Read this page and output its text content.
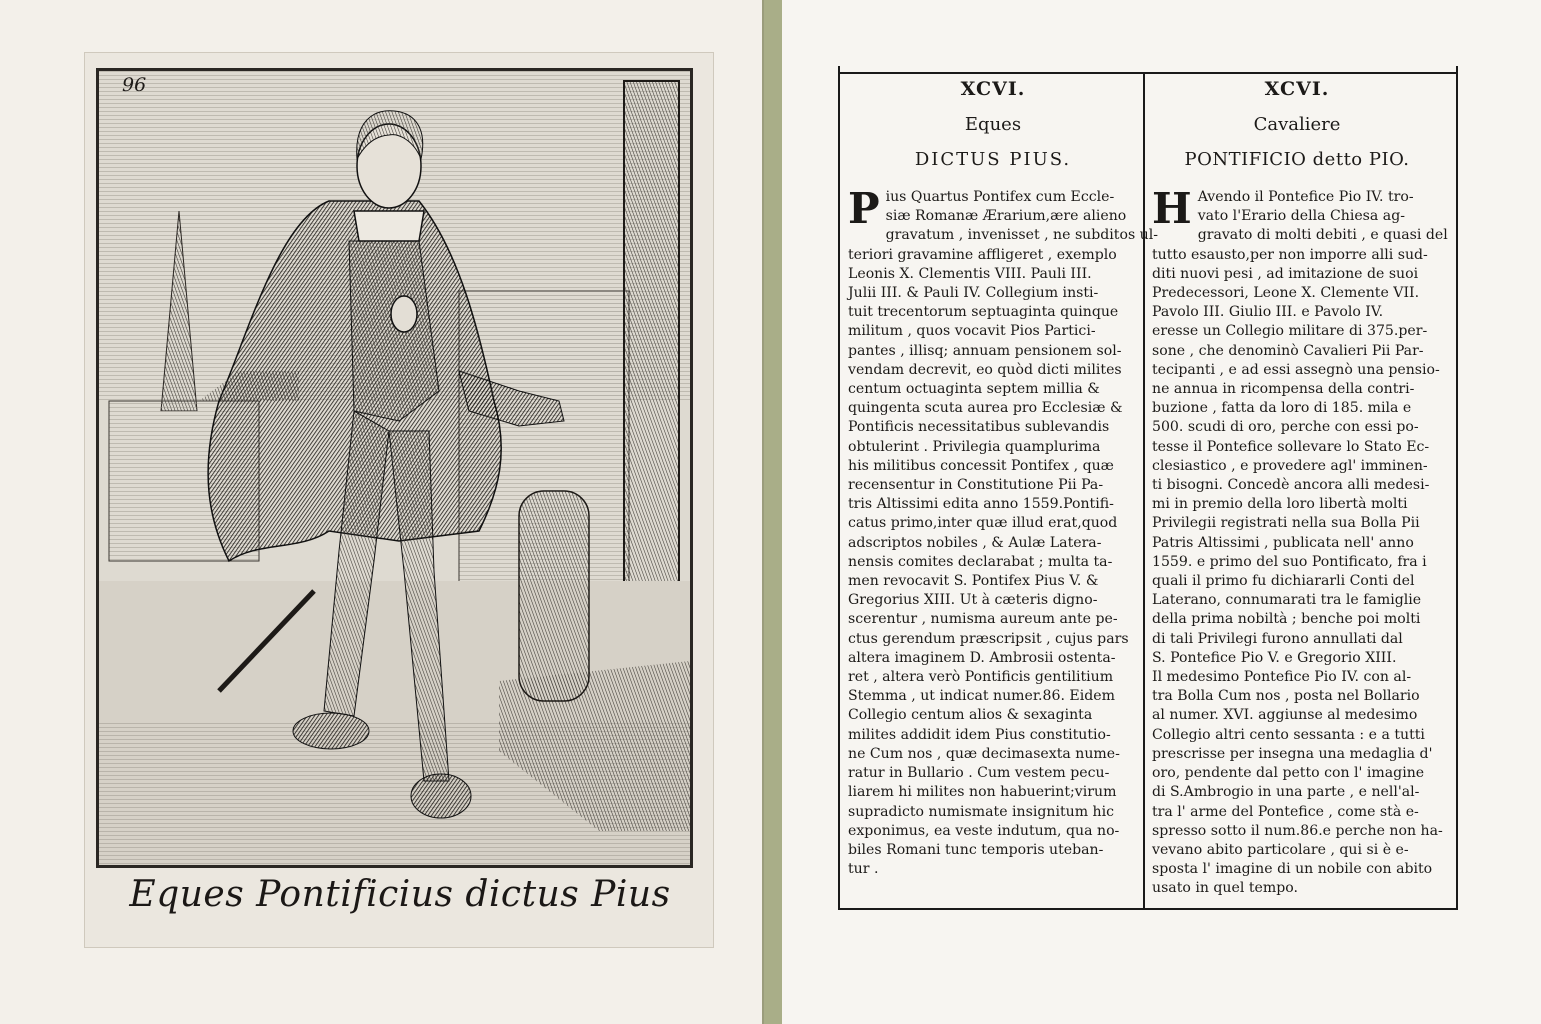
96
Eques Pontificius dictus Pius
XCVI.
Eques
DICTUS PIUS.
P ius Quartus Pontifex cum Eccle-
siæ Romanæ Ærarium,ære alieno
gravatum , invenisset , ne subditos ul-
teriori gravamine affligeret , exemplo
Leonis X. Clementis VIII. Pauli III.
Julii III. & Pauli IV. Collegium insti-
tuit trecentorum septuaginta quinque
militum , quos vocavit Pios Partici-
pantes , illisq; annuam pensionem sol-
vendam decrevit, eo quòd dicti milites
centum octuaginta septem millia &
quingenta scuta aurea pro Ecclesiæ &
Pontificis necessitatibus sublevandis
obtulerint . Privilegia quamplurima
his militibus concessit Pontifex , quæ
recensentur in Constitutione Pii Pa-
tris Altissimi edita anno 1559.Pontifi-
catus primo,inter quæ illud erat,quod
adscriptos nobiles , & Aulæ Latera-
nensis comites declarabat ; multa ta-
men revocavit S. Pontifex Pius V. &
Gregorius XIII. Ut à cæteris digno-
scerentur , numisma aureum ante pe-
ctus gerendum præscripsit , cujus pars
altera imaginem D. Ambrosii ostenta-
ret , altera verò Pontificis gentilitium
Stemma , ut indicat numer.86. Eidem
Collegio centum alios & sexaginta
milites addidit idem Pius constitutio-
ne Cum nos , quæ decimasexta nume-
ratur in Bullario . Cum vestem pecu-
liarem hi milites non habuerint;virum
supradicto numismate insignitum hic
exponimus, ea veste indutum, qua no-
biles Romani tunc temporis uteban-
tur .
XCVI.
Cavaliere
PONTIFICIO detto PIO.
H Avendo il Pontefice Pio IV. tro-
vato l'Erario della Chiesa ag-
gravato di molti debiti , e quasi del
tutto esausto,per non imporre alli sud-
diti nuovi pesi , ad imitazione de suoi
Predecessori, Leone X. Clemente VII.
Pavolo III. Giulio III. e Pavolo IV.
eresse un Collegio militare di 375.per-
sone , che denominò Cavalieri Pii Par-
tecipanti , e ad essi assegnò una pensio-
ne annua in ricompensa della contri-
buzione , fatta da loro di 185. mila e
500. scudi di oro, perche con essi po-
tesse il Pontefice sollevare lo Stato Ec-
clesiastico , e provedere agl' imminen-
ti bisogni. Concedè ancora alli medesi-
mi in premio della loro libertà molti
Privilegii registrati nella sua Bolla Pii
Patris Altissimi , publicata nell' anno
1559. e primo del suo Pontificato, fra i
quali il primo fu dichiararli Conti del
Laterano, connumarati tra le famiglie
della prima nobiltà ; benche poi molti
di tali Privilegi furono annullati dal
S. Pontefice Pio V. e Gregorio XIII.
Il medesimo Pontefice Pio IV. con al-
tra Bolla Cum nos , posta nel Bollario
al numer. XVI. aggiunse al medesimo
Collegio altri cento sessanta : e a tutti
prescrisse per insegna una medaglia d'
oro, pendente dal petto con l' imagine
di S.Ambrogio in una parte , e nell'al-
tra l' arme del Pontefice , come stà e-
spresso sotto il num.86.e perche non ha-
vevano abito particolare , qui si è e-
sposta l' imagine di un nobile con abito
usato in quel tempo.
